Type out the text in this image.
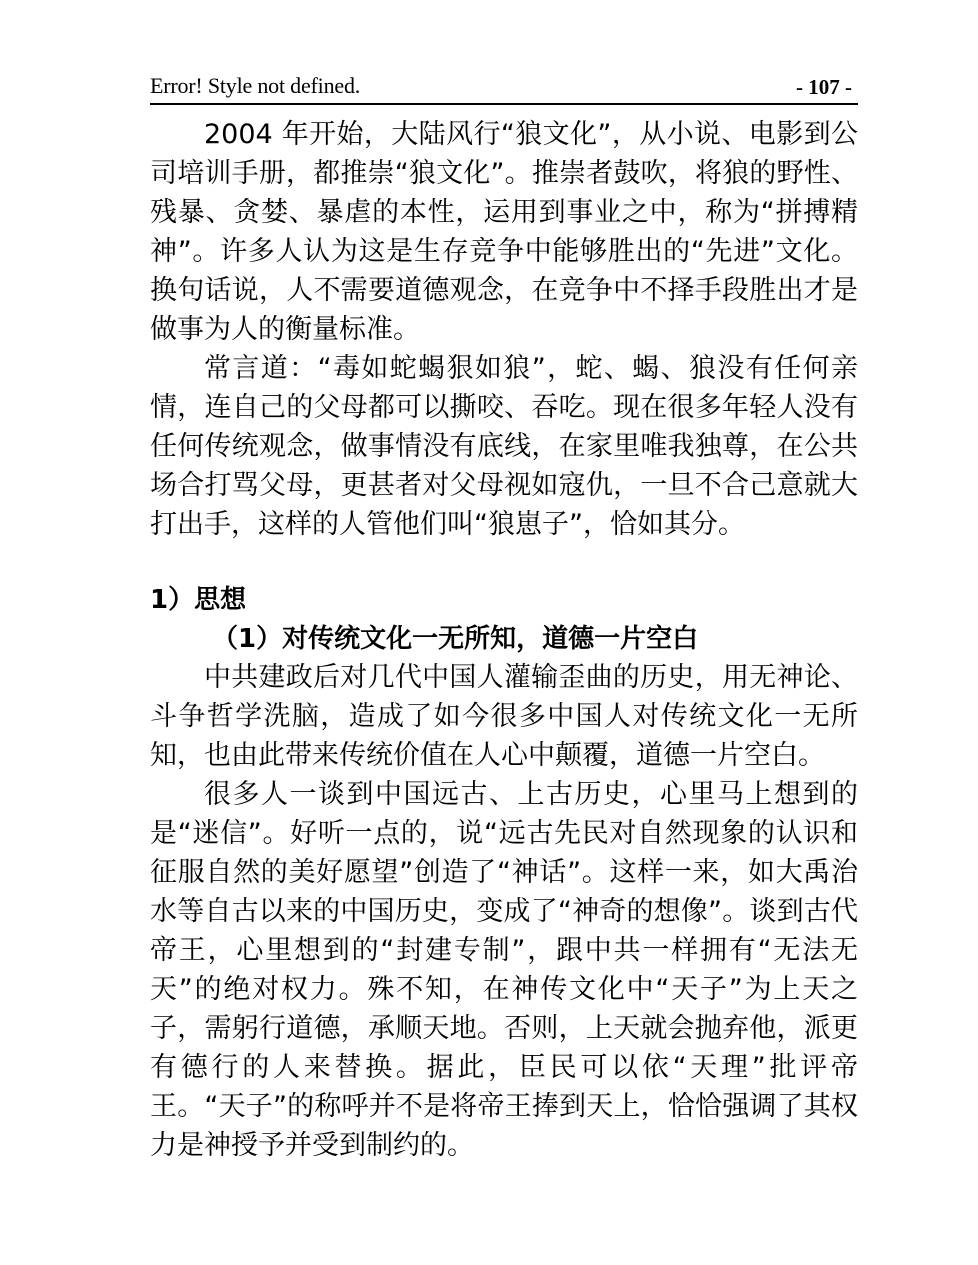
Error! Style not defined.	- 107 -

2004 年开始，大陆风行“狼文化”，从小说、电影到公司培训手册，都推崇“狼文化”。推崇者鼓吹，将狼的野性、残暴、贪婪、暴虐的本性，运用到事业之中，称为“拼搏精神”。许多人认为这是生存竞争中能够胜出的“先进”文化。换句话说，人不需要道德观念，在竞争中不择手段胜出才是做事为人的衡量标准。

常言道：“毒如蛇蝎狠如狼”，蛇、蝎、狼没有任何亲情，连自己的父母都可以撕咬、吞吃。现在很多年轻人没有任何传统观念，做事情没有底线，在家里唯我独尊，在公共场合打骂父母，更甚者对父母视如寇仇，一旦不合己意就大打出手，这样的人管他们叫“狼崽子”，恰如其分。

1）思想
（1）对传统文化一无所知，道德一片空白

中共建政后对几代中国人灌输歪曲的历史，用无神论、斗争哲学洗脑，造成了如今很多中国人对传统文化一无所知，也由此带来传统价值在人心中颠覆，道德一片空白。

很多人一谈到中国远古、上古历史，心里马上想到的是“迷信”。好听一点的，说“远古先民对自然现象的认识和征服自然的美好愿望”创造了“神话”。这样一来，如大禹治水等自古以来的中国历史，变成了“神奇的想像”。谈到古代帝王，心里想到的“封建专制”，跟中共一样拥有“无法无天”的绝对权力。殊不知，在神传文化中“天子”为上天之子，需躬行道德，承顺天地。否则，上天就会抛弃他，派更有德行的人来替换。据此，臣民可以依“天理”批评帝王。“天子”的称呼并不是将帝王捧到天上，恰恰强调了其权力是神授予并受到制约的。
